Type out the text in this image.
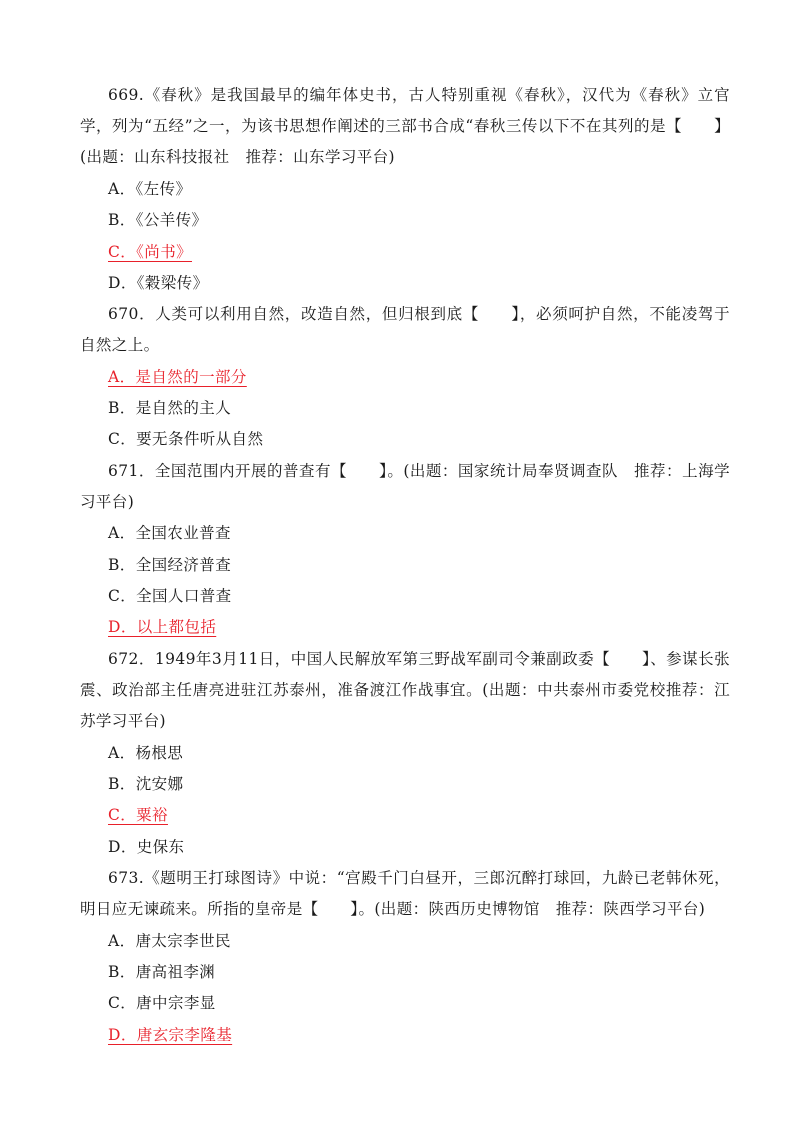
669.《春秋》是我国最早的编年体史书，古人特别重视《春秋》，汉代为《春秋》立官学，列为“五经”之一，为该书思想作阐述的三部书合成“春秋三传以下不在其列的是【　　】(出题：山东科技报社　推荐：山东学习平台)

A．《左传》

B．《公羊传》

C．《尚书》

D．《穀梁传》

670．人类可以利用自然，改造自然，但归根到底【　　】，必须呵护自然，不能凌驾于自然之上。

A．是自然的一部分

B．是自然的主人

C．要无条件听从自然

671．全国范围内开展的普查有【　　】。(出题：国家统计局奉贤调查队　推荐：上海学习平台)

A．全国农业普查

B．全国经济普查

C．全国人口普查

D．以上都包括

672．1949年3月11日，中国人民解放军第三野战军副司令兼副政委【　　】、参谋长张震、政治部主任唐亮进驻江苏泰州，准备渡江作战事宜。(出题：中共泰州市委党校推荐：江苏学习平台)

A．杨根思

B．沈安娜

C．粟裕

D．史保东

673.《题明王打球图诗》中说：“宫殿千门白昼开，三郎沉醉打球回，九龄已老韩休死，明日应无谏疏来。所指的皇帝是【　　】。(出题：陕西历史博物馆　推荐：陕西学习平台)

A．唐太宗李世民

B．唐高祖李渊

C．唐中宗李显

D．唐玄宗李隆基
